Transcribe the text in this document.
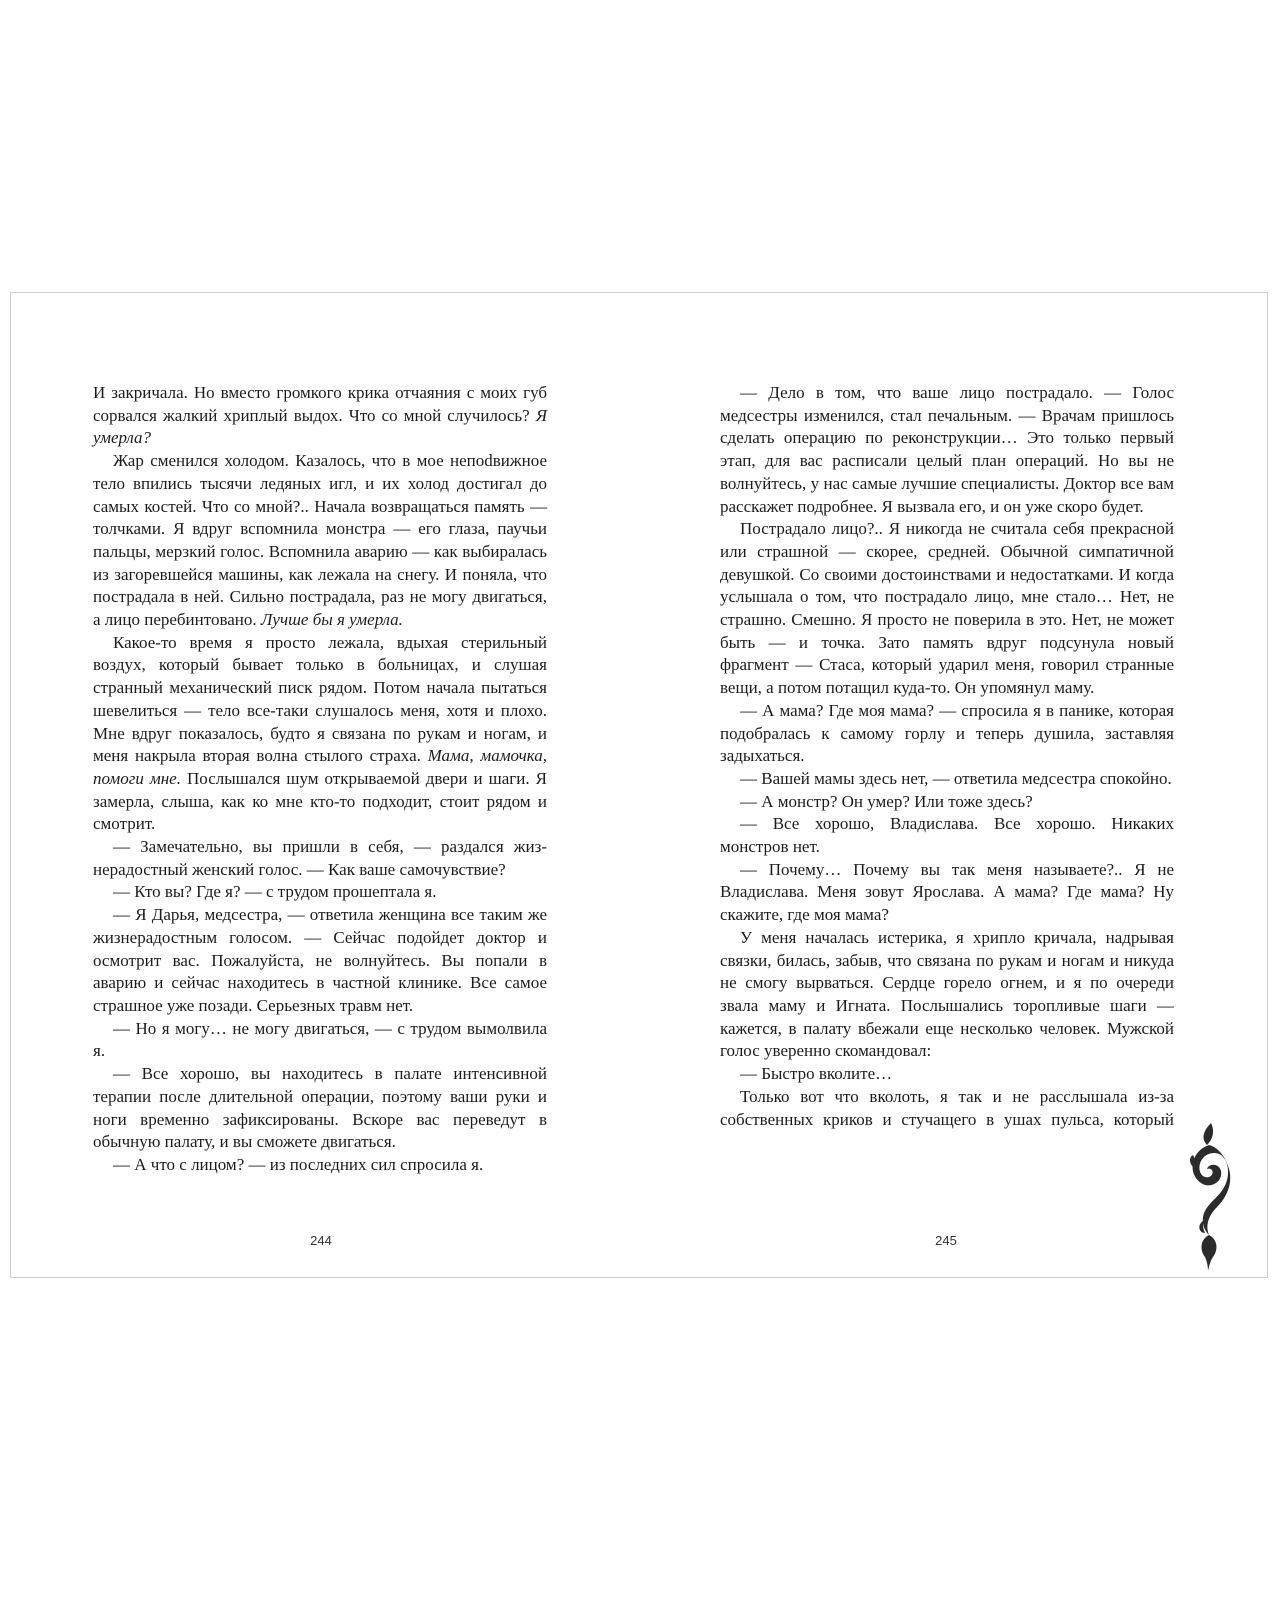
И закричала. Но вместо громкого крика отчаяния с моих губ сорвался жалкий хриплый выдох. Что со мной случилось? Я умерла?

Жар сменился холодом. Казалось, что в мое непоdвижное тело впились тысячи ледяных игл, и их холод достигал до самых костей. Что со мной?.. Начала возвращаться память — толчками. Я вдруг вспомнила монстра — его глаза, паучьи пальцы, мерзкий голос. Вспомнила аварию — как выбиралась из загоревшейся машины, как лежала на снегу. И поняла, что пострадала в ней. Сильно пострадала, раз не могу двигаться, а лицо перебинтовано. Лучше бы я умерла.

Какое-то время я просто лежала, вдыхая стерильный воздух, который бывает только в больницах, и слушая странный механический писк рядом. Потом начала пытаться шевелиться — тело все-таки слушалось меня, хотя и плохо. Мне вдруг показалось, будто я связана по рукам и ногам, и меня накрыла вторая волна стылого страха. Мама, мамочка, помоги мне. Послышался шум открываемой двери и шаги. Я замерла, слыша, как ко мне кто-то подходит, стоит рядом и смотрит.

— Замечательно, вы пришли в себя, — раздался жизнерадостный женский голос. — Как ваше самочувствие?

— Кто вы? Где я? — с трудом прошептала я.

— Я Дарья, медсестра, — ответила женщина все таким же жизнерадостным голосом. — Сейчас подойдет доктор и осмотрит вас. Пожалуйста, не волнуйтесь. Вы попали в аварию и сейчас находитесь в частной клинике. Все самое страшное уже позади. Серьезных травм нет.

— Но я могу… не могу двигаться, — с трудом вымолвила я.

— Все хорошо, вы находитесь в палате интенсивной терапии после длительной операции, поэтому ваши руки и ноги временно зафиксированы. Вскоре вас переведут в обычную палату, и вы сможете двигаться.

— А что с лицом? — из последних сил спросила я.

244

— Дело в том, что ваше лицо пострадало. — Голос медсестры изменился, стал печальным. — Врачам пришлось сделать операцию по реконструкции… Это только первый этап, для вас расписали целый план операций. Но вы не волнуйтесь, у нас самые лучшие специалисты. Доктор все вам расскажет подробнее. Я вызвала его, и он уже скоро будет.

Пострадало лицо?.. Я никогда не считала себя прекрасной или страшной — скорее, средней. Обычной симпатичной девушкой. Со своими достоинствами и недостатками. И когда услышала о том, что пострадало лицо, мне стало… Нет, не страшно. Смешно. Я просто не поверила в это. Нет, не может быть — и точка. Зато память вдруг подсунула новый фрагмент — Стаса, который ударил меня, говорил странные вещи, а потом потащил куда-то. Он упомянул маму.

— А мама? Где моя мама? — спросила я в панике, которая подобралась к самому горлу и теперь душила, заставляя задыхаться.

— Вашей мамы здесь нет, — ответила медсестра спокойно.

— А монстр? Он умер? Или тоже здесь?

— Все хорошо, Владислава. Все хорошо. Никаких монстров нет.

— Почему… Почему вы так меня называете?.. Я не Владислава. Меня зовут Ярослава. А мама? Где мама? Ну скажите, где моя мама?

У меня началась истерика, я хрипло кричала, надрывая связки, билась, забыв, что связана по рукам и ногам и никуда не смогу вырваться. Сердце горело огнем, и я по очереди звала маму и Игната. Послышались торопливые шаги — кажется, в палату вбежали еще несколько человек. Мужской голос уверенно скомандовал:

— Быстро вколите…

Только вот что вколоть, я так и не расслышала из-за собственных криков и стучащего в ушах пульса, который

245
